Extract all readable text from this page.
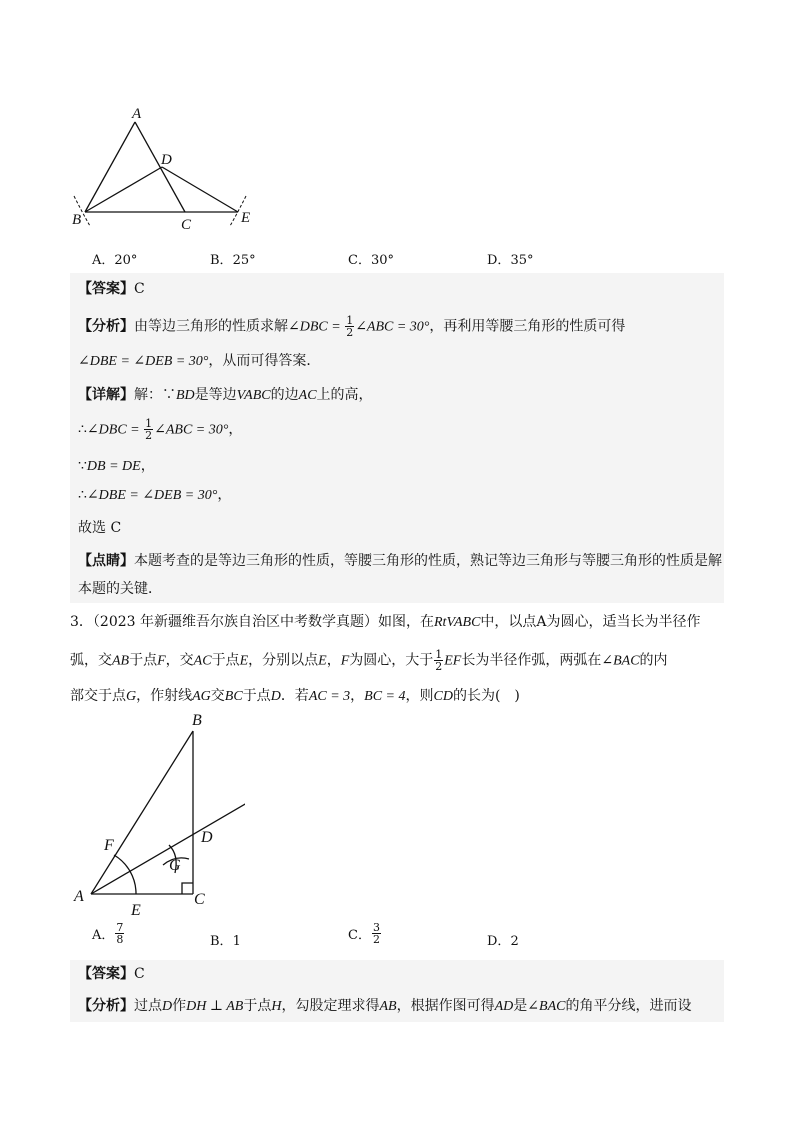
A
B	C
D
E
A．20°	B．25°	C．30°	D．35°
【答案】C
【分析】由等边三角形的性质求解∠DBC = $\frac{1}{2}$ ∠ABC = 30°，再利用等腰三角形的性质可得
∠DBE = ∠DEB = 30°，从而可得答案．
【详解】解：∵BD是等边VABC的边AC上的高，
∴∠DBC = $\frac{1}{2}$ ∠ABC = 30°，
∵DB = DE，
∴∠DBE = ∠DEB = 30°，
故选 C
【点睛】本题考查的是等边三角形的性质，等腰三角形的性质，熟记等边三角形与等腰三角形的性质是解
本题的关键．
3．（2023 年新疆维吾尔族自治区中考数学真题）如图，在RtVABC中，以点A为圆心，适当长为半径作
弧，交AB于点F，交AC于点E，分别以点E，F为圆心，大于 $\frac{1}{2}$ EF长为半径作弧，两弧在∠BAC的内
部交于点G，作射线AG交BC于点D．若AC = 3，BC = 4，则CD的长为(　)
B
D
F
G
A	C
E
A． $\frac{7}{8}$	B．1	C． $\frac{3}{2}$	D．2
【答案】C
【分析】过点D作DH ⊥ AB于点H，勾股定理求得AB，根据作图可得AD是∠BAC的角平分线，进而设
